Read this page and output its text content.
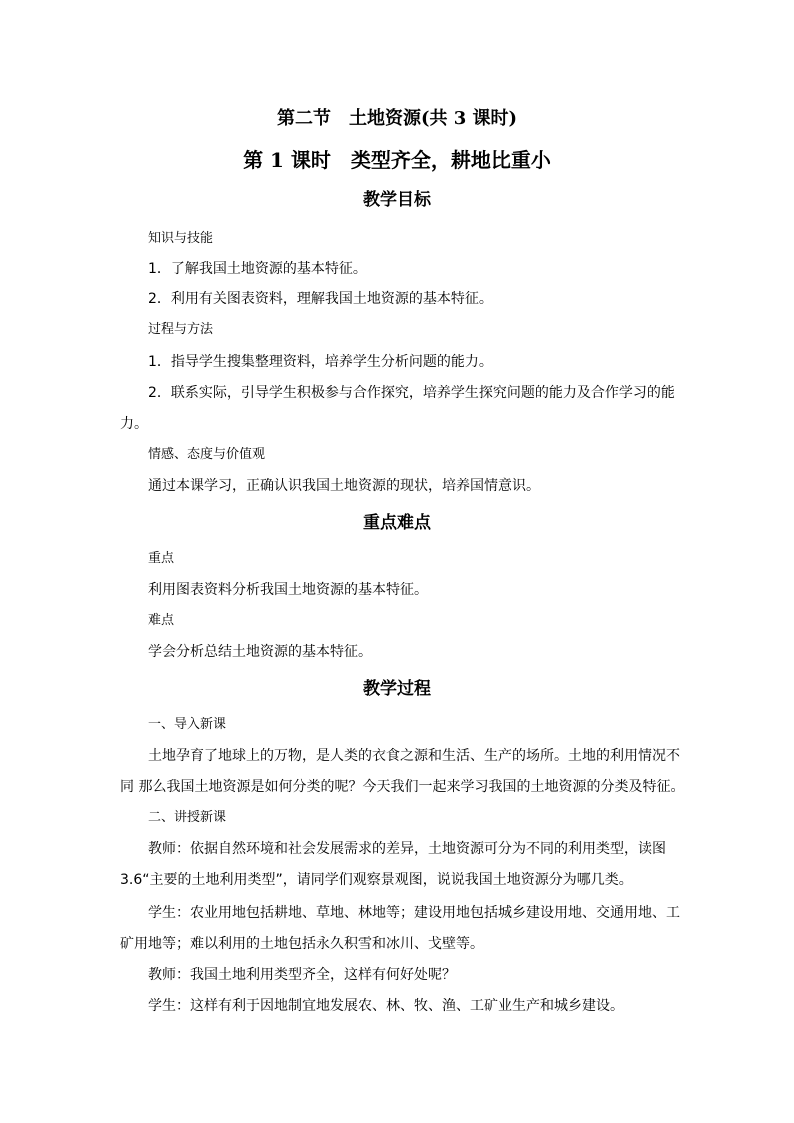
第二节　土地资源(共 3 课时)
第 1 课时　类型齐全，耕地比重小
教学目标
知识与技能
1．了解我国土地资源的基本特征。
2．利用有关图表资料，理解我国土地资源的基本特征。
过程与方法
1．指导学生搜集整理资料，培养学生分析问题的能力。
2．联系实际，引导学生积极参与合作探究，培养学生探究问题的能力及合作学习的能
力。
情感、态度与价值观
通过本课学习，正确认识我国土地资源的现状，培养国情意识。
重点难点
重点
利用图表资料分析我国土地资源的基本特征。
难点
学会分析总结土地资源的基本特征。
教学过程
一、导入新课
土地孕育了地球上的万物，是人类的衣食之源和生活、生产的场所。土地的利用情况不
同 那么我国土地资源是如何分类的呢？今天我们一起来学习我国的土地资源的分类及特征。
二、讲授新课
教师：依据自然环境和社会发展需求的差异，土地资源可分为不同的利用类型，读图
3.6“主要的土地利用类型”，请同学们观察景观图，说说我国土地资源分为哪几类。
学生：农业用地包括耕地、草地、林地等；建设用地包括城乡建设用地、交通用地、工
矿用地等；难以利用的土地包括永久积雪和冰川、戈壁等。
教师：我国土地利用类型齐全，这样有何好处呢？
学生：这样有利于因地制宜地发展农、林、牧、渔、工矿业生产和城乡建设。
